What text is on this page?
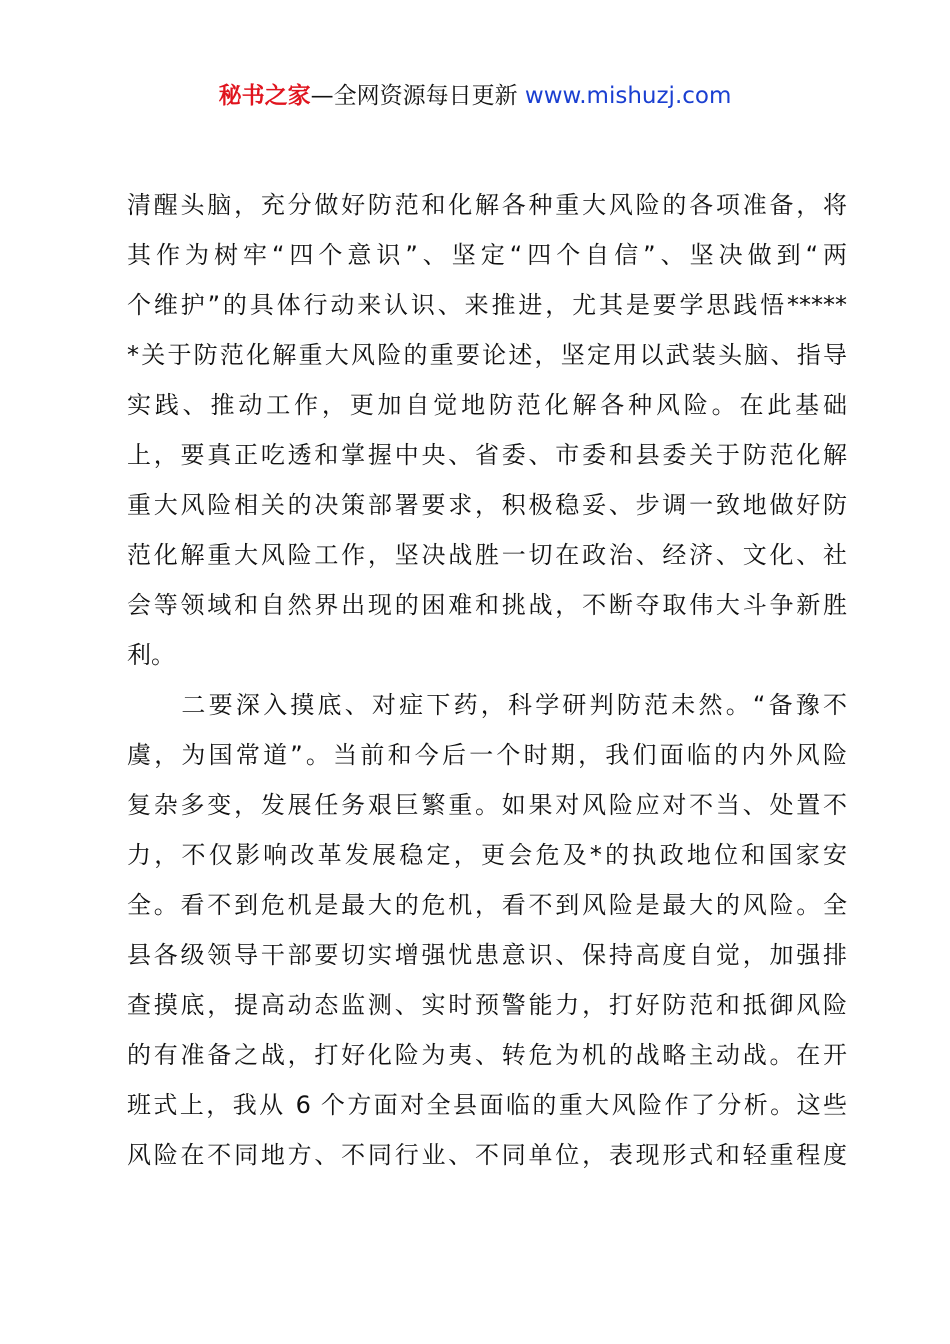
秘书之家—全网资源每日更新 www.mishuzj.com
清醒头脑，充分做好防范和化解各种重大风险的各项准备，将
其作为树牢“四个意识”、坚定“四个自信”、坚决做到“两
个维护”的具体行动来认识、来推进，尤其是要学思践悟*****
*关于防范化解重大风险的重要论述，坚定用以武装头脑、指导
实践、推动工作，更加自觉地防范化解各种风险。在此基础
上，要真正吃透和掌握中央、省委、市委和县委关于防范化解
重大风险相关的决策部署要求，积极稳妥、步调一致地做好防
范化解重大风险工作，坚决战胜一切在政治、经济、文化、社
会等领域和自然界出现的困难和挑战，不断夺取伟大斗争新胜
利。
　　二要深入摸底、对症下药，科学研判防范未然。“备豫不
虞，为国常道”。当前和今后一个时期，我们面临的内外风险
复杂多变，发展任务艰巨繁重。如果对风险应对不当、处置不
力，不仅影响改革发展稳定，更会危及*的执政地位和国家安
全。看不到危机是最大的危机，看不到风险是最大的风险。全
县各级领导干部要切实增强忧患意识、保持高度自觉，加强排
查摸底，提高动态监测、实时预警能力，打好防范和抵御风险
的有准备之战，打好化险为夷、转危为机的战略主动战。在开
班式上，我从 6 个方面对全县面临的重大风险作了分析。这些
风险在不同地方、不同行业、不同单位，表现形式和轻重程度
